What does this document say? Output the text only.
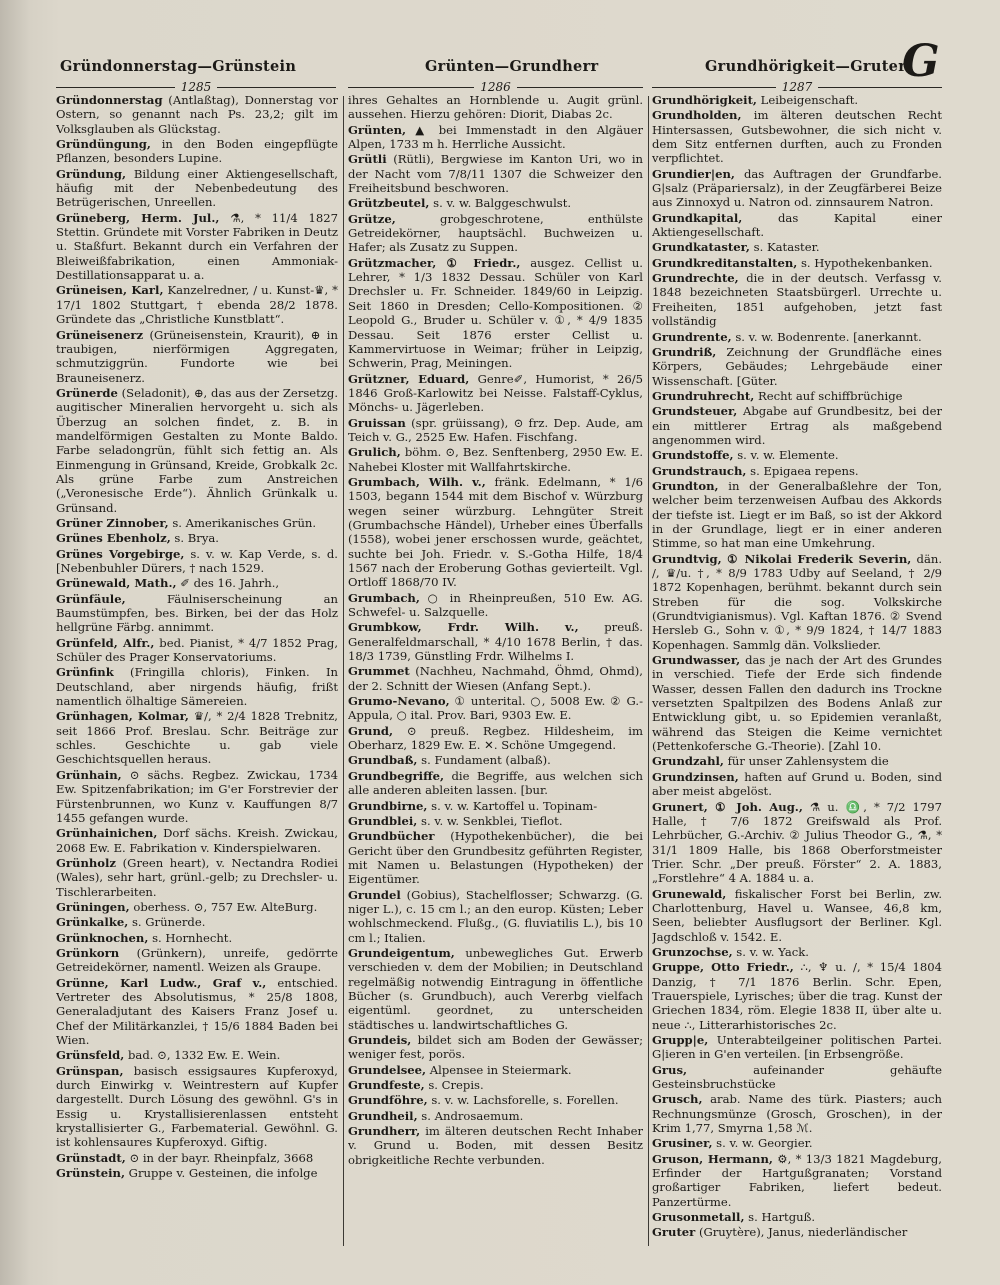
Gründonnerstag—Grünstein	Grünten—Grundherr	Grundhörigkeit—Gruter
G
1285	1286	1287
Gründonnerstag (Antlaßtag), Donnerstag vor Ostern, so genannt nach Ps. 23,2; gilt im Volksglauben als Glückstag.
Gründüngung, in den Boden eingepflügte Pflanzen, besonders Lupine.
Gründung, Bildung einer Aktiengesellschaft, häufig mit der Nebenbedeutung des Betrügerischen, Unreellen.
Grüneberg, Herm. Jul., ⚗, * 11/4 1827 Stettin. Gründete mit Vorster Fabriken in Deutz u. Staßfurt. Bekannt durch ein Verfahren der Bleiweißfabrikation, einen Ammoniak-Destillationsapparat u. a.
Grüneisen, Karl, Kanzelredner, / u. Kunst-♛, * 17/1 1802 Stuttgart, † ebenda 28/2 1878. Gründete das „Christliche Kunstblatt“.
Grüneisenerz (Grüneisenstein, Kraurit), ⊕ in traubigen, nierförmigen Aggregaten, schmutziggrün. Fundorte wie bei Brauneisenerz.
Grünerde (Seladonit), ⊕, das aus der Zersetzg. augitischer Mineralien hervorgeht u. sich als Überzug an solchen findet, z. B. in mandelförmigen Gestalten zu Monte Baldo. Farbe seladongrün, fühlt sich fettig an. Als Einmengung in Grünsand, Kreide, Grobkalk 2c. Als grüne Farbe zum Anstreichen („Veronesische Erde“). Ähnlich Grünkalk u. Grünsand.
Grüner Zinnober, s. Amerikanisches Grün.
Grünes Ebenholz, s. Brya.
Grünes Vorgebirge, s. v. w. Kap Verde, s. d. [Nebenbuhler Dürers, † nach 1529.
Grünewald, Math., ✐ des 16. Jahrh.,
Grünfäule, Fäulniserscheinung an Baumstümpfen, bes. Birken, bei der das Holz hellgrüne Färbg. annimmt.
Grünfeld, Alfr., bed. Pianist, * 4/7 1852 Prag, Schüler des Prager Konservatoriums.
Grünfink (Fringilla chloris), Finken. In Deutschland, aber nirgends häufig, frißt namentlich ölhaltige Sämereien.
Grünhagen, Kolmar, ♛/, * 2/4 1828 Trebnitz, seit 1866 Prof. Breslau. Schr. Beiträge zur schles. Geschichte u. gab viele Geschichtsquellen heraus.
Grünhain, ⊙ sächs. Regbez. Zwickau, 1734 Ew. Spitzenfabrikation; im G'er Forstrevier der Fürstenbrunnen, wo Kunz v. Kauffungen 8/7 1455 gefangen wurde.
Grünhainichen, Dorf sächs. Kreish. Zwickau, 2068 Ew. E. Fabrikation v. Kinderspielwaren.
Grünholz (Green heart), v. Nectandra Rodiei (Wales), sehr hart, grünl.-gelb; zu Drechsler- u. Tischlerarbeiten.
Grüningen, oberhess. ⊙, 757 Ew. AlteBurg.
Grünkalke, s. Grünerde.
Grünknochen, s. Hornhecht.
Grünkorn (Grünkern), unreife, gedörrte Getreidekörner, namentl. Weizen als Graupe.
Grünne, Karl Ludw., Graf v., entschied. Vertreter des Absolutismus, * 25/8 1808, Generaladjutant des Kaisers Franz Josef u. Chef der Militärkanzlei, † 15/6 1884 Baden bei Wien.
Grünsfeld, bad. ⊙, 1332 Ew. E. Wein.
Grünspan, basisch essigsaures Kupferoxyd, durch Einwirkg v. Weintrestern auf Kupfer dargestellt. Durch Lösung des gewöhnl. G's in Essig u. Krystallisierenlassen entsteht krystallisierter G., Farbematerial. Gewöhnl. G. ist kohlensaures Kupferoxyd. Giftig.
Grünstadt, ⊙ in der bayr. Rheinpfalz, 3668
Grünstein, Gruppe v. Gesteinen, die infolge
ihres Gehaltes an Hornblende u. Augit grünl. aussehen. Hierzu gehören: Diorit, Diabas 2c.
Grünten, ▲ bei Immenstadt in den Algäuer Alpen, 1733 m h. Herrliche Aussicht.
Grütli (Rütli), Bergwiese im Kanton Uri, wo in der Nacht vom 7/8/11 1307 die Schweizer den Freiheitsbund beschworen.
Grützbeutel, s. v. w. Balggeschwulst.
Grütze, grobgeschrotene, enthülste Getreidekörner, hauptsächl. Buchweizen u. Hafer; als Zusatz zu Suppen.
Grützmacher, ① Friedr., ausgez. Cellist u. Lehrer, * 1/3 1832 Dessau. Schüler von Karl Drechsler u. Fr. Schneider. 1849/60 in Leipzig. Seit 1860 in Dresden; Cello-Kompositionen. ② Leopold G., Bruder u. Schüler v. ①, * 4/9 1835 Dessau. Seit 1876 erster Cellist u. Kammervirtuose in Weimar; früher in Leipzig, Schwerin, Prag, Meiningen.
Grützner, Eduard, Genre✐, Humorist, * 26/5 1846 Groß-Karlowitz bei Neisse. Falstaff-Cyklus, Mönchs- u. Jägerleben.
Gruissan (spr. grüissang), ⊙ frz. Dep. Aude, am Teich v. G., 2525 Ew. Hafen. Fischfang.
Grulich, böhm. ⊙, Bez. Senftenberg, 2950 Ew. E. Nahebei Kloster mit Wallfahrtskirche.
Grumbach, Wilh. v., fränk. Edelmann, * 1/6 1503, begann 1544 mit dem Bischof v. Würzburg wegen seiner würzburg. Lehngüter Streit (Grumbachsche Händel), Urheber eines Überfalls (1558), wobei jener erschossen wurde, geächtet, suchte bei Joh. Friedr. v. S.-Gotha Hilfe, 18/4 1567 nach der Eroberung Gothas gevierteilt. Vgl. Ortloff 1868/70 IV.
Grumbach, ○ in Rheinpreußen, 510 Ew. AG. Schwefel- u. Salzquelle.
Grumbkow, Frdr. Wilh. v., preuß. Generalfeldmarschall, * 4/10 1678 Berlin, † das. 18/3 1739, Günstling Frdr. Wilhelms I.
Grummet (Nachheu, Nachmahd, Öhmd, Ohmd), der 2. Schnitt der Wiesen (Anfang Sept.).
Grumo-Nevano, ① unterital. ○, 5008 Ew. ② G.-Appula, ○ ital. Prov. Bari, 9303 Ew. E.
Grund, ⊙ preuß. Regbez. Hildesheim, im Oberharz, 1829 Ew. E. ✕. Schöne Umgegend.
Grundbaß, s. Fundament (albaß).
Grundbegriffe, die Begriffe, aus welchen sich alle anderen ableiten lassen. [bur.
Grundbirne, s. v. w. Kartoffel u. Topinam-
Grundblei, s. v. w. Senkblei, Tieflot.
Grundbücher (Hypothekenbücher), die bei Gericht über den Grundbesitz geführten Register, mit Namen u. Belastungen (Hypotheken) der Eigentümer.
Grundel (Gobius), Stachelflosser; Schwarzg. (G. niger L.), c. 15 cm l.; an den europ. Küsten; Leber wohlschmeckend. Flußg., (G. fluviatilis L.), bis 10 cm l.; Italien.
Grundeigentum, unbewegliches Gut. Erwerb verschieden v. dem der Mobilien; in Deutschland regelmäßig notwendig Eintragung in öffentliche Bücher (s. Grundbuch), auch Vererbg vielfach eigentüml. geordnet, zu unterscheiden städtisches u. landwirtschaftliches G.
Grundeis, bildet sich am Boden der Gewässer; weniger fest, porös.
Grundelsee, Alpensee in Steiermark.
Grundfeste, s. Crepis.
Grundföhre, s. v. w. Lachsforelle, s. Forellen.
Grundheil, s. Androsaemum.
Grundherr, im älteren deutschen Recht Inhaber v. Grund u. Boden, mit dessen Besitz obrigkeitliche Rechte verbunden.
Grundhörigkeit, Leibeigenschaft.
Grundholden, im älteren deutschen Recht Hintersassen, Gutsbewohner, die sich nicht v. dem Sitz entfernen durften, auch zu Fronden verpflichtet.
Grundier|en, das Auftragen der Grundfarbe. G|salz (Präpariersalz), in der Zeugfärberei Beize aus Zinnoxyd u. Natron od. zinnsaurem Natron.
Grundkapital, das Kapital einer Aktiengesellschaft.
Grundkataster, s. Kataster.
Grundkreditanstalten, s. Hypothekenbanken.
Grundrechte, die in der deutsch. Verfassg v. 1848 bezeichneten Staatsbürgerl. Urrechte u. Freiheiten, 1851 aufgehoben, jetzt fast vollständig
Grundrente, s. v. w. Bodenrente. [anerkannt.
Grundriß, Zeichnung der Grundfläche eines Körpers, Gebäudes; Lehrgebäude einer Wissenschaft. [Güter.
Grundruhrecht, Recht auf schiffbrüchige
Grundsteuer, Abgabe auf Grundbesitz, bei der ein mittlerer Ertrag als maßgebend angenommen wird.
Grundstoffe, s. v. w. Elemente.
Grundstrauch, s. Epigaea repens.
Grundton, in der Generalbaßlehre der Ton, welcher beim terzenweisen Aufbau des Akkords der tiefste ist. Liegt er im Baß, so ist der Akkord in der Grundlage, liegt er in einer anderen Stimme, so hat man eine Umkehrung.
Grundtvig, ① Nikolai Frederik Severin, dän. /, ♛/u. †, * 8/9 1783 Udby auf Seeland, † 2/9 1872 Kopenhagen, berühmt. bekannt durch sein Streben für die sog. Volkskirche (Grundtvigianismus). Vgl. Kaftan 1876. ② Svend Hersleb G., Sohn v. ①, * 9/9 1824, † 14/7 1883 Kopenhagen. Sammlg dän. Volkslieder.
Grundwasser, das je nach der Art des Grundes in verschied. Tiefe der Erde sich findende Wasser, dessen Fallen den dadurch ins Trockne versetzten Spaltpilzen des Bodens Anlaß zur Entwicklung gibt, u. so Epidemien veranlaßt, während das Steigen die Keime vernichtet (Pettenkofersche G.-Theorie). [Zahl 10.
Grundzahl, für unser Zahlensystem die
Grundzinsen, haften auf Grund u. Boden, sind aber meist abgelöst.
Grunert, ① Joh. Aug., ⚗ u. ♎, * 7/2 1797 Halle, † 7/6 1872 Greifswald als Prof. Lehrbücher, G.-Archiv. ② Julius Theodor G., ⚗, * 31/1 1809 Halle, bis 1868 Oberforstmeister Trier. Schr. „Der preuß. Förster“ 2. A. 1883, „Forstlehre“ 4 A. 1884 u. a.
Grunewald, fiskalischer Forst bei Berlin, zw. Charlottenburg, Havel u. Wansee, 46,8 km, Seen, beliebter Ausflugsort der Berliner. Kgl. Jagdschloß v. 1542. E.
Grunzochse, s. v. w. Yack.
Gruppe, Otto Friedr., ∴, ♆ u. /, * 15/4 1804 Danzig, † 7/1 1876 Berlin. Schr. Epen, Trauerspiele, Lyrisches; über die trag. Kunst der Griechen 1834, röm. Elegie 1838 II, über alte u. neue ∴, Litterarhistorisches 2c.
Grupp|e, Unterabteilgeiner politischen Partei. G|ieren in G'en verteilen. [in Erbsengröße.
Grus, aufeinander gehäufte Gesteinsbruchstücke
Grusch, arab. Name des türk. Piasters; auch Rechnungsmünze (Grosch, Groschen), in der Krim 1,77, Smyrna 1,58 ℳ.
Grusiner, s. v. w. Georgier.
Gruson, Hermann, ⚙, * 13/3 1821 Magdeburg, Erfinder der Hartgußgranaten; Vorstand großartiger Fabriken, liefert bedeut. Panzertürme.
Grusonmetall, s. Hartguß.
Gruter (Gruytère), Janus, niederländischer
